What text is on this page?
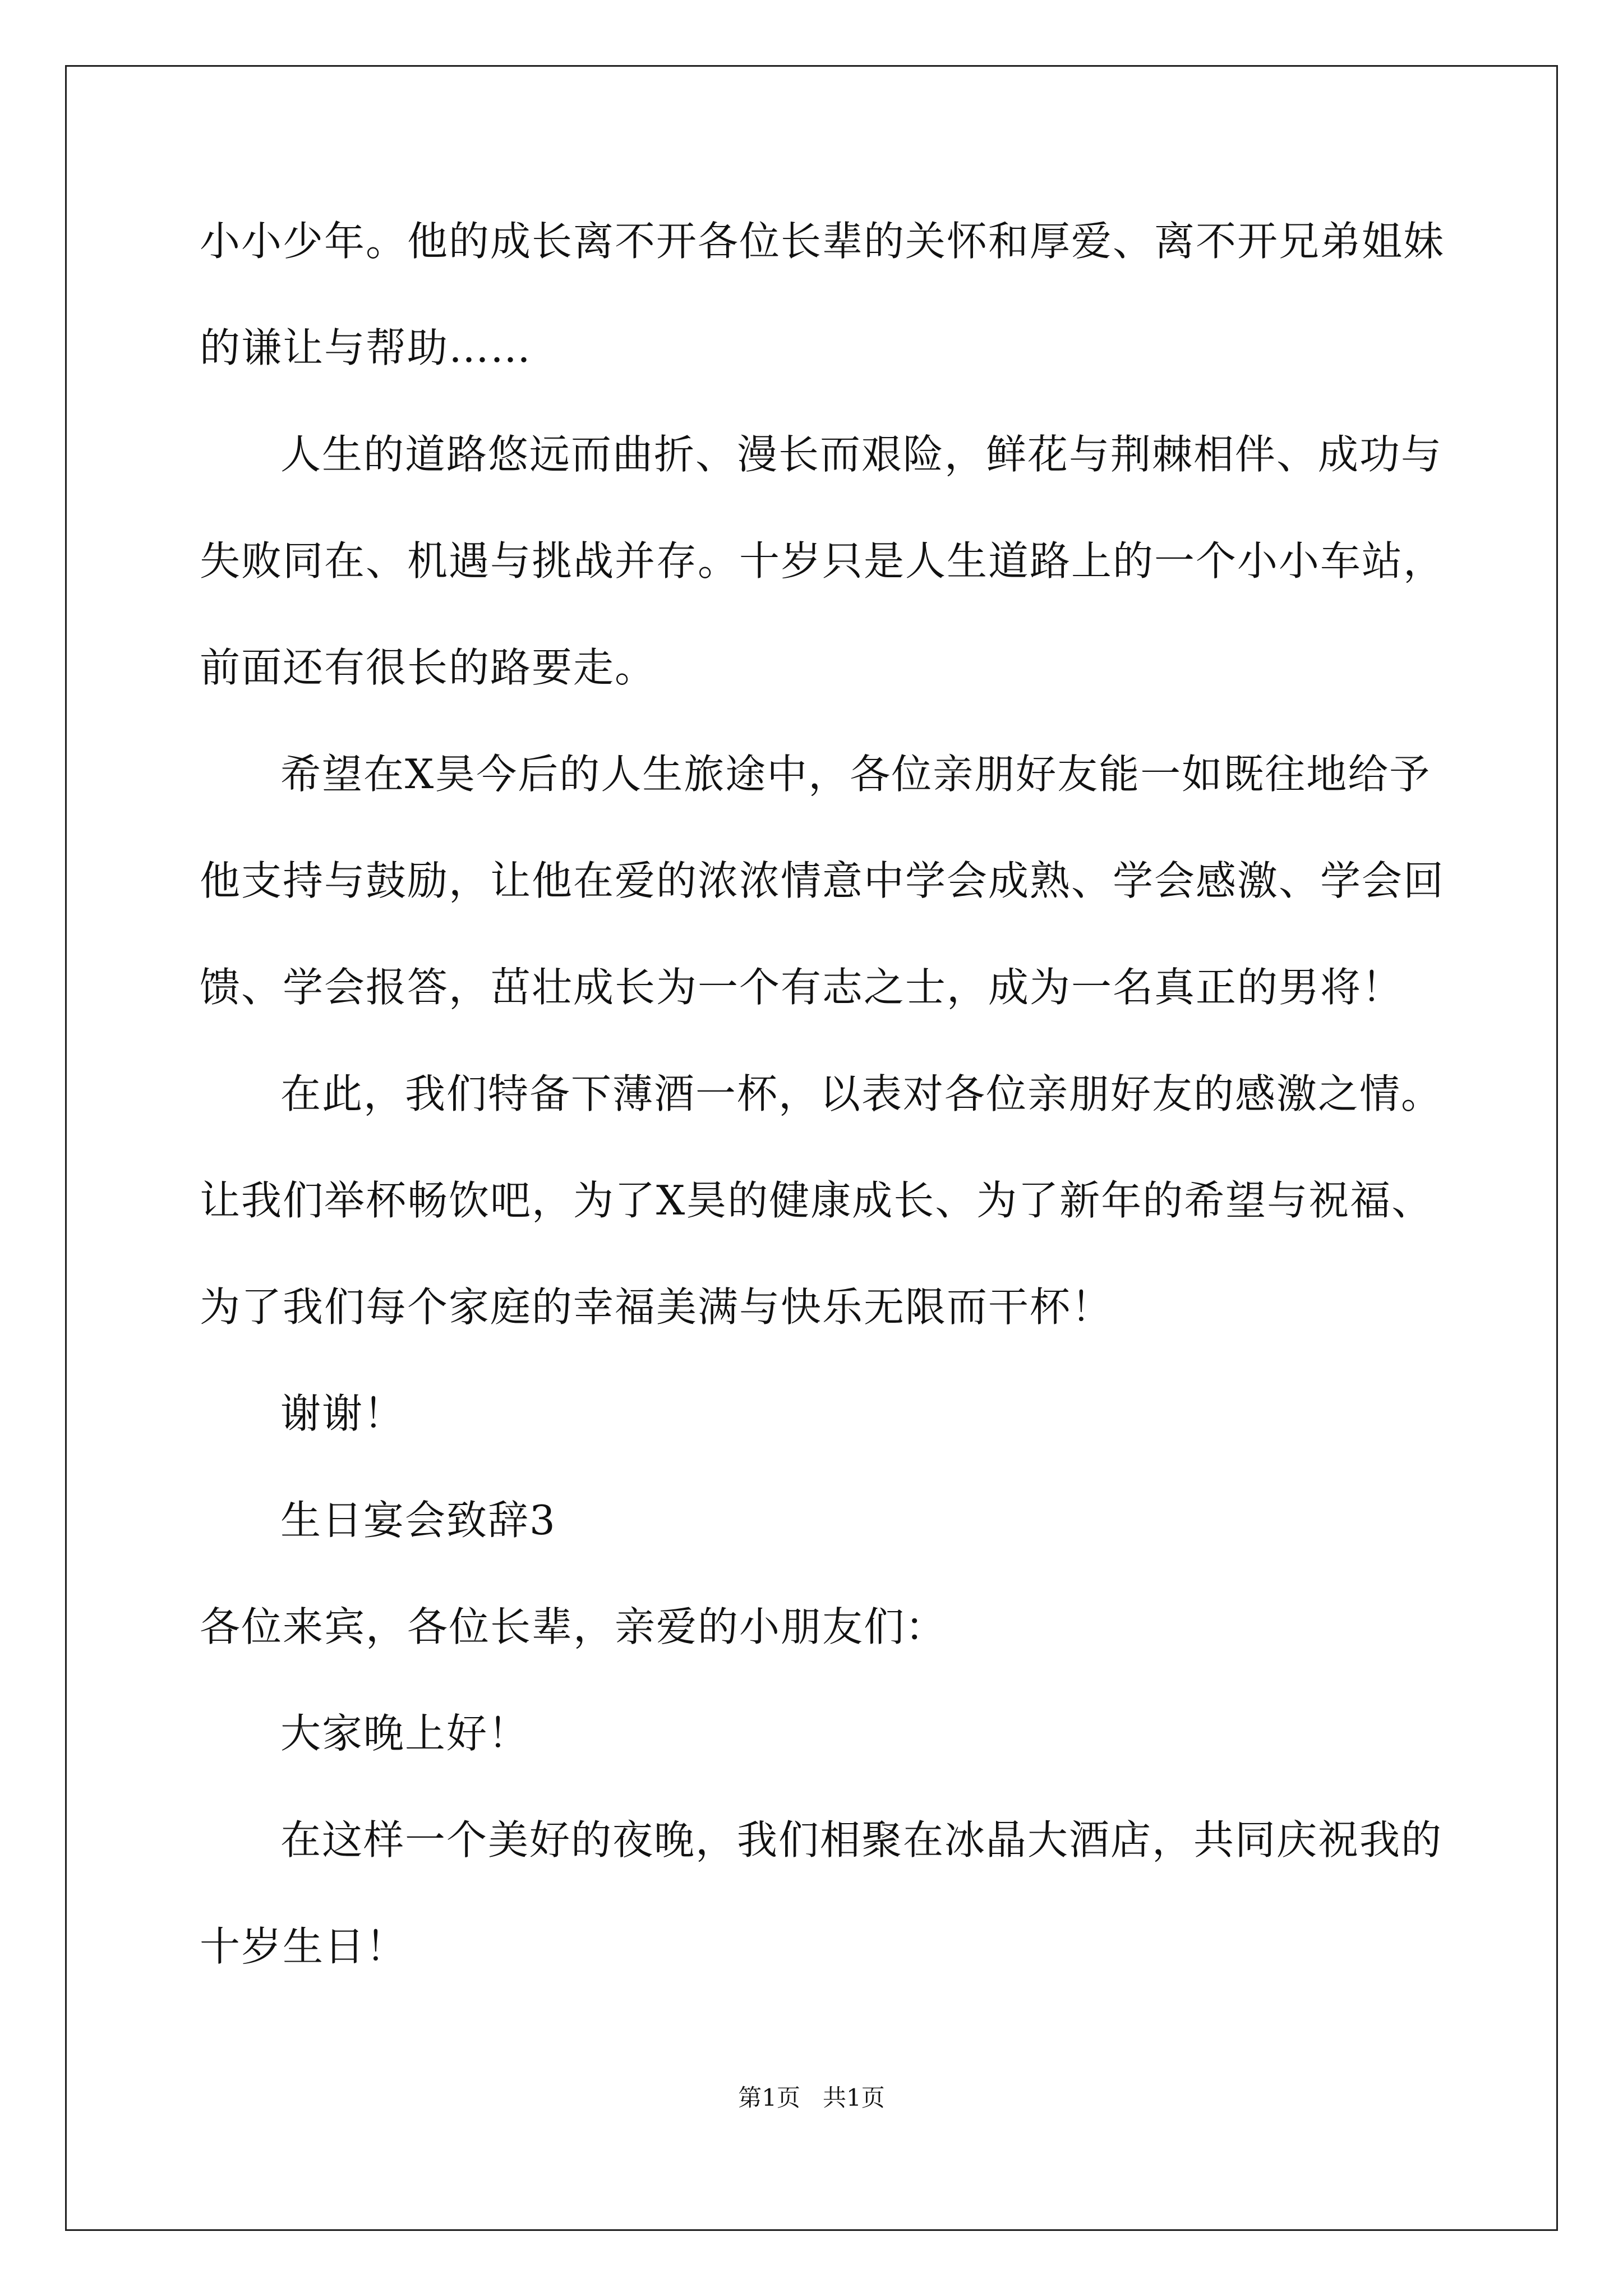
小小少年。他的成长离不开各位长辈的关怀和厚爱、离不开兄弟姐妹
的谦让与帮助……
人生的道路悠远而曲折、漫长而艰险，鲜花与荆棘相伴、成功与
失败同在、机遇与挑战并存。十岁只是人生道路上的一个小小车站，
前面还有很长的路要走。
希望在X昊今后的人生旅途中，各位亲朋好友能一如既往地给予
他支持与鼓励，让他在爱的浓浓情意中学会成熟、学会感激、学会回
馈、学会报答，茁壮成长为一个有志之士，成为一名真正的男将！
在此，我们特备下薄酒一杯，以表对各位亲朋好友的感激之情。
让我们举杯畅饮吧，为了X昊的健康成长、为了新年的希望与祝福、
为了我们每个家庭的幸福美满与快乐无限而干杯！
谢谢！
生日宴会致辞3
各位来宾，各位长辈，亲爱的小朋友们：
大家晚上好！
在这样一个美好的夜晚，我们相聚在冰晶大酒店，共同庆祝我的
十岁生日！
第1页   共1页
